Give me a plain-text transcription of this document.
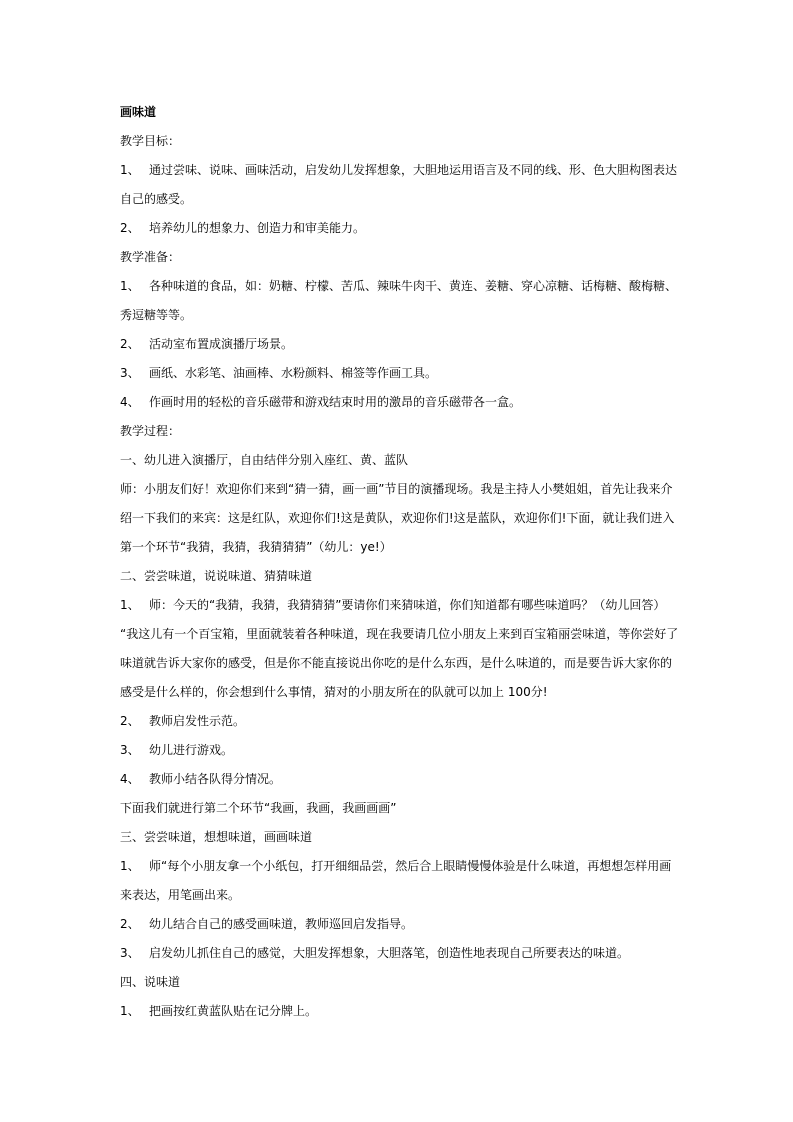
画味道
教学目标：
1、 通过尝味、说味、画味活动，启发幼儿发挥想象，大胆地运用语言及不同的线、形、色大胆构图表达
自己的感受。
2、 培养幼儿的想象力、创造力和审美能力。
教学准备：
1、 各种味道的食品，如：奶糖、柠檬、苦瓜、辣味牛肉干、黄连、姜糖、穿心凉糖、话梅糖、酸梅糖、
秀逗糖等等。
2、 活动室布置成演播厅场景。
3、 画纸、水彩笔、油画棒、水粉颜料、棉签等作画工具。
4、 作画时用的轻松的音乐磁带和游戏结束时用的激昂的音乐磁带各一盒。
教学过程：
一、幼儿进入演播厅，自由结伴分别入座红、黄、蓝队
师：小朋友们好！欢迎你们来到“猜一猜，画一画”节目的演播现场。我是主持人小樊姐姐，首先让我来介
绍一下我们的来宾：这是红队，欢迎你们!这是黄队，欢迎你们!这是蓝队，欢迎你们!下面，就让我们进入
第一个环节“我猜，我猜，我猜猜猜”（幼儿：ye!）
二、尝尝味道，说说味道、猜猜味道
1、 师：今天的“我猜，我猜，我猜猜猜”要请你们来猜味道，你们知道都有哪些味道吗？（幼儿回答）
“我这儿有一个百宝箱，里面就装着各种味道，现在我要请几位小朋友上来到百宝箱丽尝味道，等你尝好了
味道就告诉大家你的感受，但是你不能直接说出你吃的是什么东西，是什么味道的，而是要告诉大家你的
感受是什么样的，你会想到什么事情，猜对的小朋友所在的队就可以加上 100分!
2、 教师启发性示范。
3、 幼儿进行游戏。
4、 教师小结各队得分情况。
下面我们就进行第二个环节“我画，我画，我画画画”
三、尝尝味道，想想味道，画画味道
1、 师“每个小朋友拿一个小纸包，打开细细品尝，然后合上眼睛慢慢体验是什么味道，再想想怎样用画
来表达，用笔画出来。
2、 幼儿结合自己的感受画味道，教师巡回启发指导。
3、 启发幼儿抓住自己的感觉，大胆发挥想象，大胆落笔，创造性地表现自己所要表达的味道。
四、说味道
1、 把画按红黄蓝队贴在记分牌上。
